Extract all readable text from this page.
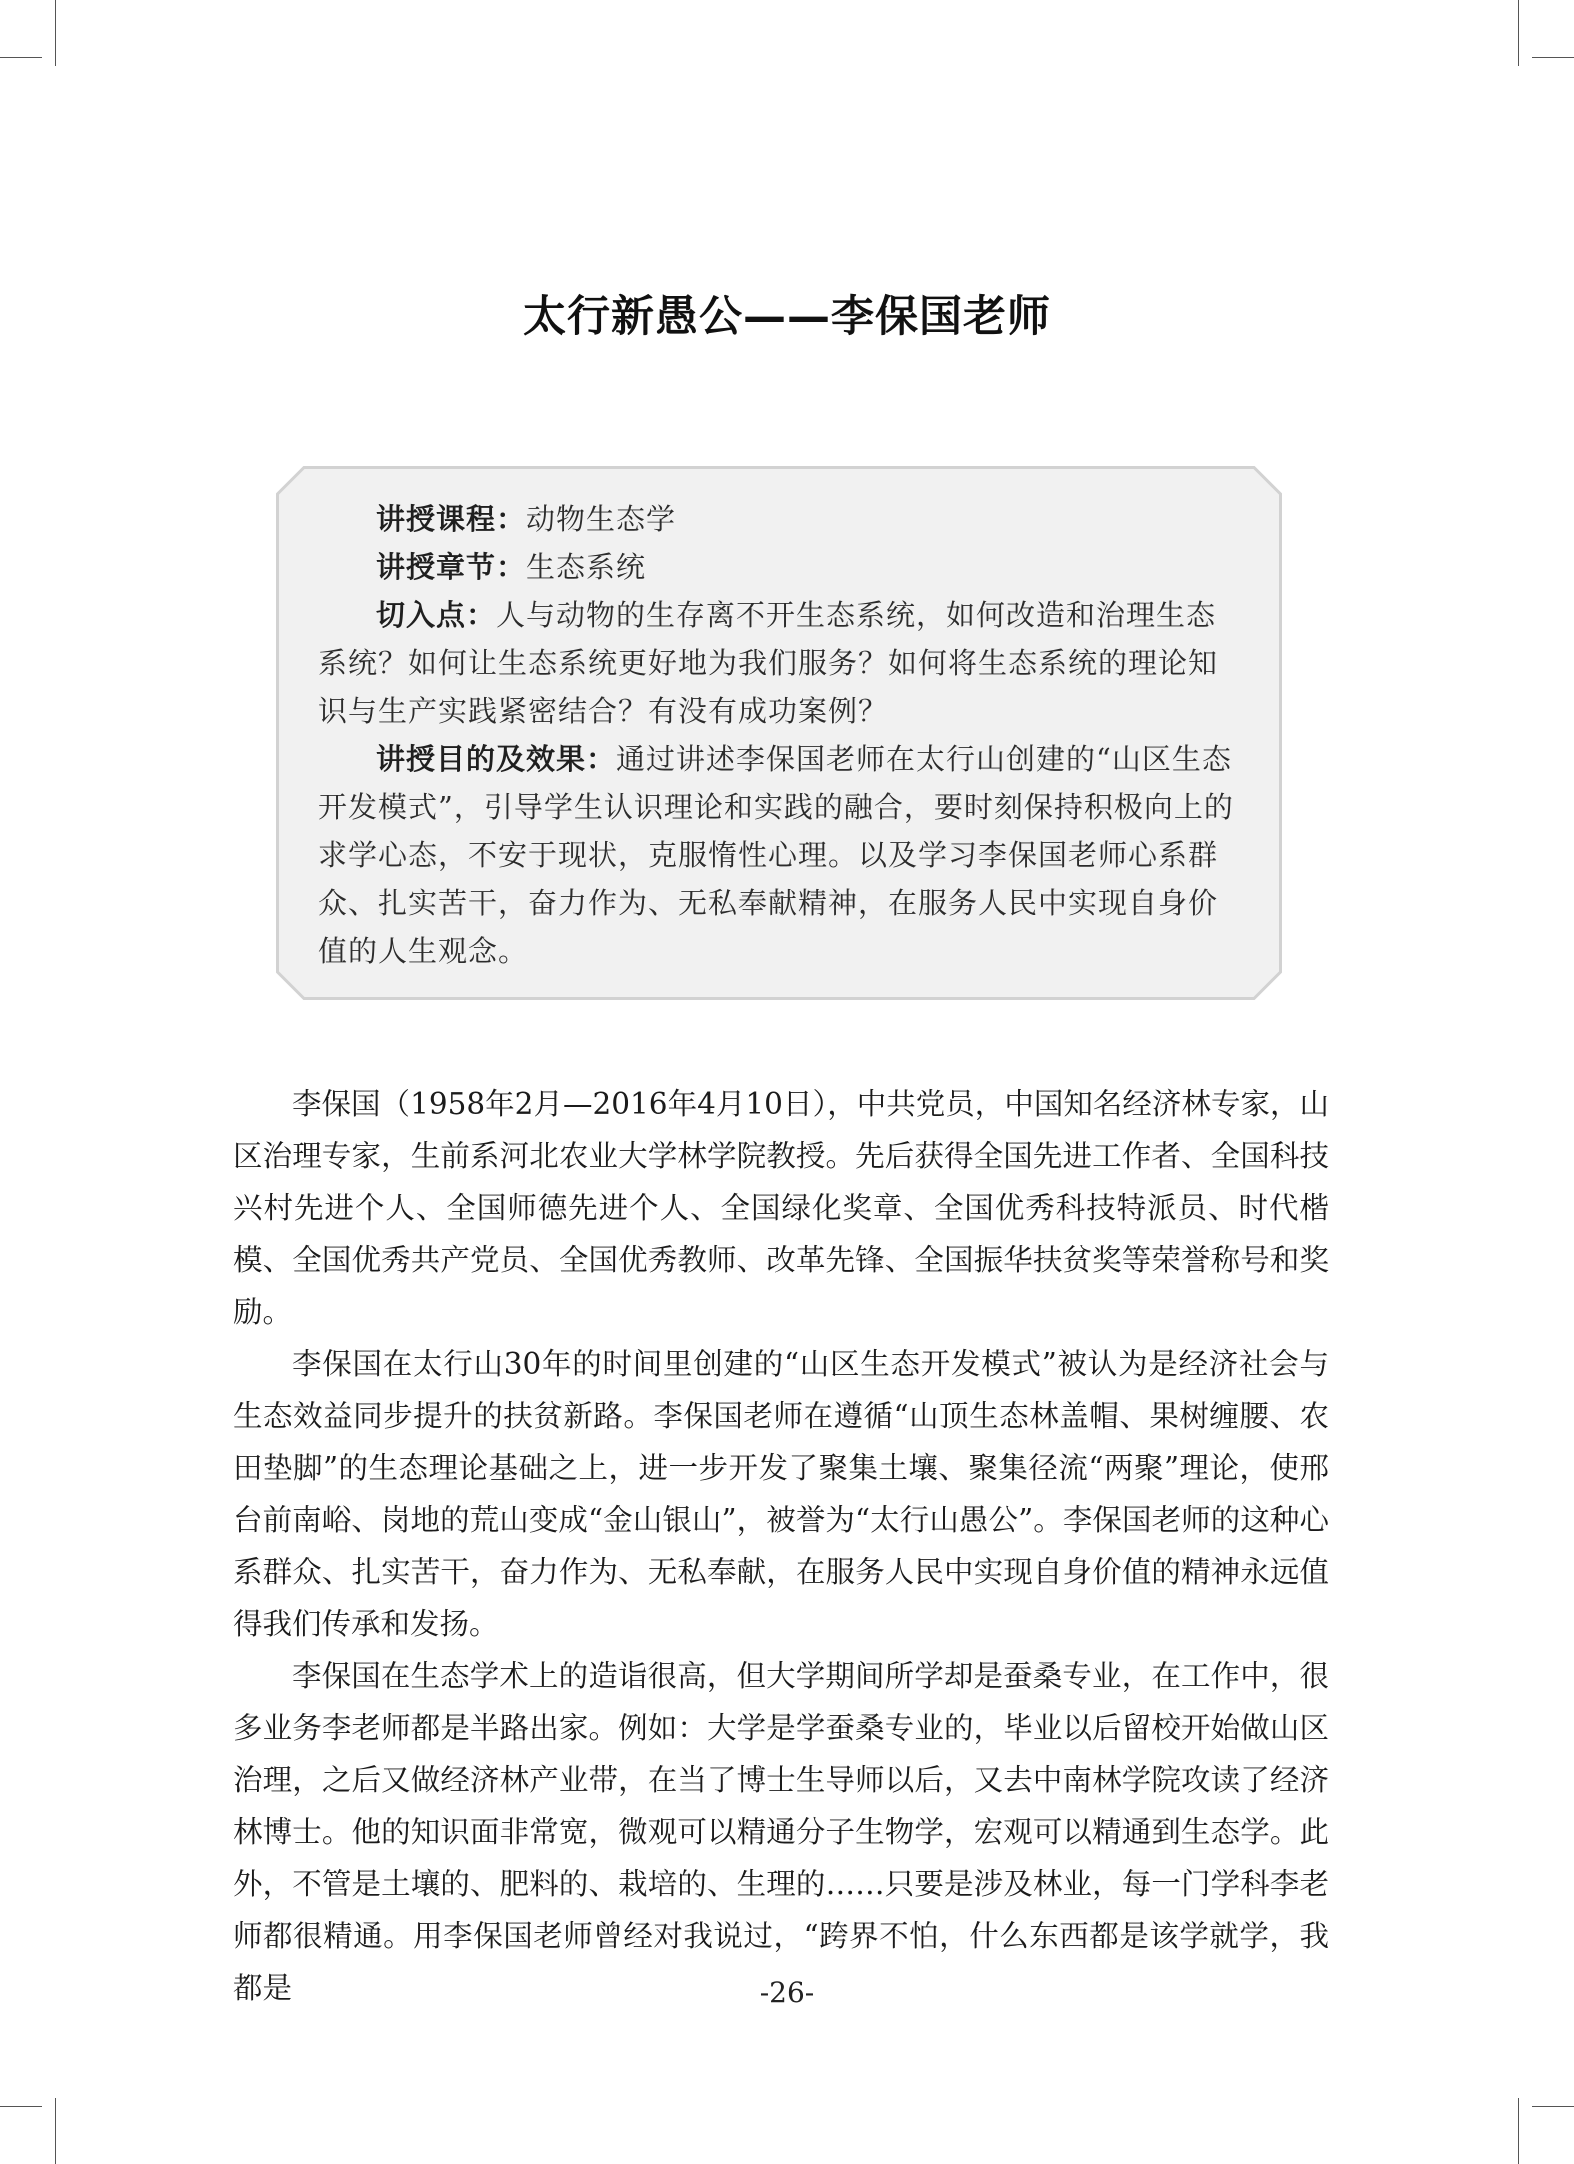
太行新愚公——李保国老师

讲授课程：动物生态学

讲授章节：生态系统

切入点：人与动物的生存离不开生态系统，如何改造和治理生态系统？如何让生态系统更好地为我们服务？如何将生态系统的理论知识与生产实践紧密结合？有没有成功案例？

讲授目的及效果：通过讲述李保国老师在太行山创建的“山区生态开发模式”，引导学生认识理论和实践的融合，要时刻保持积极向上的求学心态，不安于现状，克服惰性心理。以及学习李保国老师心系群众、扎实苦干，奋力作为、无私奉献精神，在服务人民中实现自身价值的人生观念。

李保国（1958年2月—2016年4月10日），中共党员，中国知名经济林专家，山区治理专家，生前系河北农业大学林学院教授。先后获得全国先进工作者、全国科技兴村先进个人、全国师德先进个人、全国绿化奖章、全国优秀科技特派员、时代楷模、全国优秀共产党员、全国优秀教师、改革先锋、全国振华扶贫奖等荣誉称号和奖励。

李保国在太行山30年的时间里创建的“山区生态开发模式”被认为是经济社会与生态效益同步提升的扶贫新路。李保国老师在遵循“山顶生态林盖帽、果树缠腰、农田垫脚”的生态理论基础之上，进一步开发了聚集土壤、聚集径流“两聚”理论，使邢台前南峪、岗地的荒山变成“金山银山”，被誉为“太行山愚公”。李保国老师的这种心系群众、扎实苦干，奋力作为、无私奉献，在服务人民中实现自身价值的精神永远值得我们传承和发扬。

李保国在生态学术上的造诣很高，但大学期间所学却是蚕桑专业，在工作中，很多业务李老师都是半路出家。例如：大学是学蚕桑专业的，毕业以后留校开始做山区治理，之后又做经济林产业带，在当了博士生导师以后，又去中南林学院攻读了经济林博士。他的知识面非常宽，微观可以精通分子生物学，宏观可以精通到生态学。此外，不管是土壤的、肥料的、栽培的、生理的……只要是涉及林业，每一门学科李老师都很精通。用李保国老师曾经对我说过，“跨界不怕，什么东西都是该学就学，我都是	-26-
